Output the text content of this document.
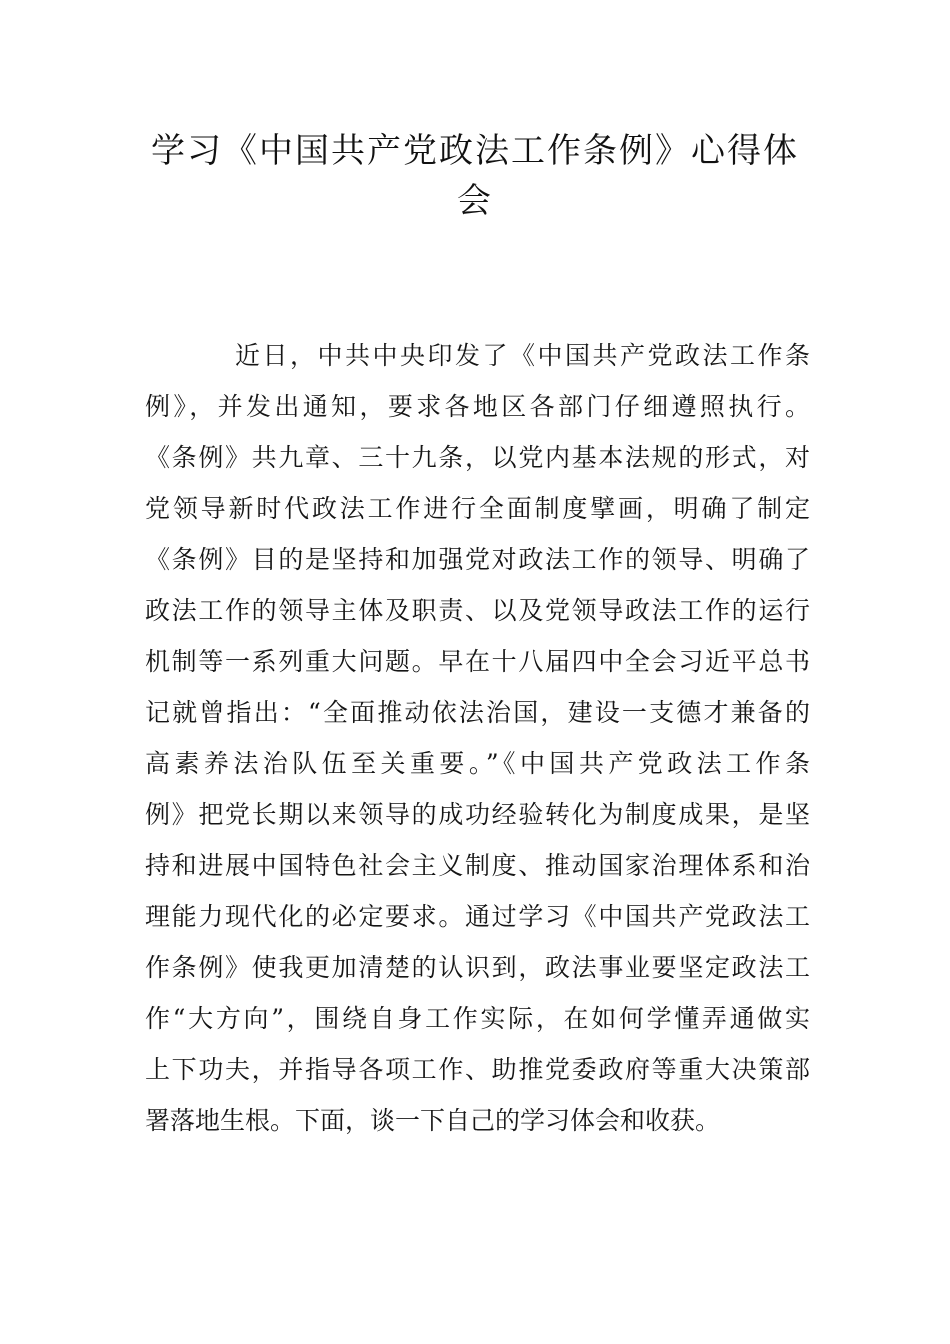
学习《中国共产党政法工作条例》心得体
会
近日，中共中央印发了《中国共产党政法工作条
例》，并发出通知，要求各地区各部门仔细遵照执行。
《条例》共九章、三十九条，以党内基本法规的形式，对
党领导新时代政法工作进行全面制度擘画，明确了制定
《条例》目的是坚持和加强党对政法工作的领导、明确了
政法工作的领导主体及职责、以及党领导政法工作的运行
机制等一系列重大问题。早在十八届四中全会习近平总书
记就曾指出：“全面推动依法治国，建设一支德才兼备的
高素养法治队伍至关重要。”《中国共产党政法工作条
例》把党长期以来领导的成功经验转化为制度成果，是坚
持和进展中国特色社会主义制度、推动国家治理体系和治
理能力现代化的必定要求。通过学习《中国共产党政法工
作条例》使我更加清楚的认识到，政法事业要坚定政法工
作“大方向”，围绕自身工作实际，在如何学懂弄通做实
上下功夫，并指导各项工作、助推党委政府等重大决策部
署落地生根。下面，谈一下自己的学习体会和收获。
